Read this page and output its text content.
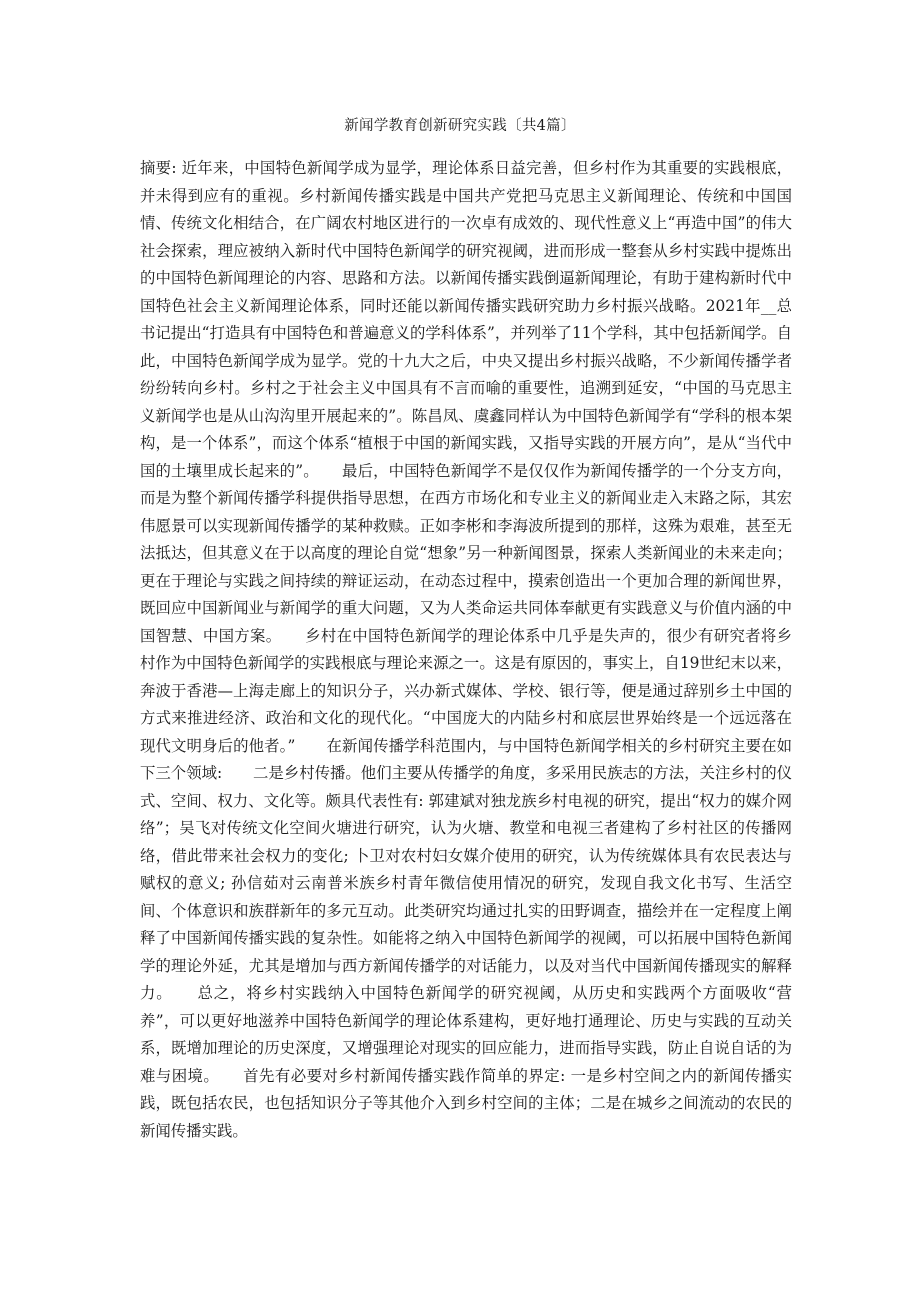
新闻学教育创新研究实践〔共4篇〕
摘要: 近年来，中国特色新闻学成为显学，理论体系日益完善，但乡村作为其重要的实践根底，并未得到应有的重视。乡村新闻传播实践是中国共产党把马克思主义新闻理论、传统和中国国情、传统文化相结合，在广阔农村地区进行的一次卓有成效的、现代性意义上“再造中国”的伟大社会探索，理应被纳入新时代中国特色新闻学的研究视阈，进而形成一整套从乡村实践中提炼出的中国特色新闻理论的内容、思路和方法。以新闻传播实践倒逼新闻理论，有助于建构新时代中国特色社会主义新闻理论体系，同时还能以新闻传播实践研究助力乡村振兴战略。2021年__总书记提出“打造具有中国特色和普遍意义的学科体系”，并列举了11个学科，其中包括新闻学。自此，中国特色新闻学成为显学。党的十九大之后，中央又提出乡村振兴战略，不少新闻传播学者纷纷转向乡村。乡村之于社会主义中国具有不言而喻的重要性，追溯到延安，“中国的马克思主义新闻学也是从山沟沟里开展起来的”。陈昌凤、虞鑫同样认为中国特色新闻学有“学科的根本架构，是一个体系”，而这个体系“植根于中国的新闻实践，又指导实践的开展方向”，是从“当代中国的土壤里成长起来的”。　　最后，中国特色新闻学不是仅仅作为新闻传播学的一个分支方向，而是为整个新闻传播学科提供指导思想，在西方市场化和专业主义的新闻业走入末路之际，其宏伟愿景可以实现新闻传播学的某种救赎。正如李彬和李海波所提到的那样，这殊为艰难，甚至无法抵达，但其意义在于以高度的理论自觉“想象”另一种新闻图景，探索人类新闻业的未来走向；更在于理论与实践之间持续的辩证运动，在动态过程中，摸索创造出一个更加合理的新闻世界，既回应中国新闻业与新闻学的重大问题，又为人类命运共同体奉献更有实践意义与价值内涵的中国智慧、中国方案。　　乡村在中国特色新闻学的理论体系中几乎是失声的，很少有研究者将乡村作为中国特色新闻学的实践根底与理论来源之一。这是有原因的，事实上，自19世纪末以来，奔波于香港—上海走廊上的知识分子，兴办新式媒体、学校、银行等，便是通过辞别乡土中国的方式来推进经济、政治和文化的现代化。“中国庞大的内陆乡村和底层世界始终是一个远远落在现代文明身后的他者。”　　在新闻传播学科范围内，与中国特色新闻学相关的乡村研究主要在如下三个领域:　　二是乡村传播。他们主要从传播学的角度，多采用民族志的方法，关注乡村的仪式、空间、权力、文化等。颇具代表性有: 郭建斌对独龙族乡村电视的研究，提出“权力的媒介网络”；吴飞对传统文化空间火塘进行研究，认为火塘、教堂和电视三者建构了乡村社区的传播网络，借此带来社会权力的变化; 卜卫对农村妇女媒介使用的研究，认为传统媒体具有农民表达与赋权的意义; 孙信茹对云南普米族乡村青年微信使用情况的研究，发现自我文化书写、生活空间、个体意识和族群新年的多元互动。此类研究均通过扎实的田野调查，描绘并在一定程度上阐释了中国新闻传播实践的复杂性。如能将之纳入中国特色新闻学的视阈，可以拓展中国特色新闻学的理论外延，尤其是增加与西方新闻传播学的对话能力，以及对当代中国新闻传播现实的解释力。　　总之，将乡村实践纳入中国特色新闻学的研究视阈，从历史和实践两个方面吸收“营养”，可以更好地滋养中国特色新闻学的理论体系建构，更好地打通理论、历史与实践的互动关系，既增加理论的历史深度，又增强理论对现实的回应能力，进而指导实践，防止自说自话的为难与困境。　　首先有必要对乡村新闻传播实践作简单的界定: 一是乡村空间之内的新闻传播实践，既包括农民，也包括知识分子等其他介入到乡村空间的主体；二是在城乡之间流动的农民的新闻传播实践。
